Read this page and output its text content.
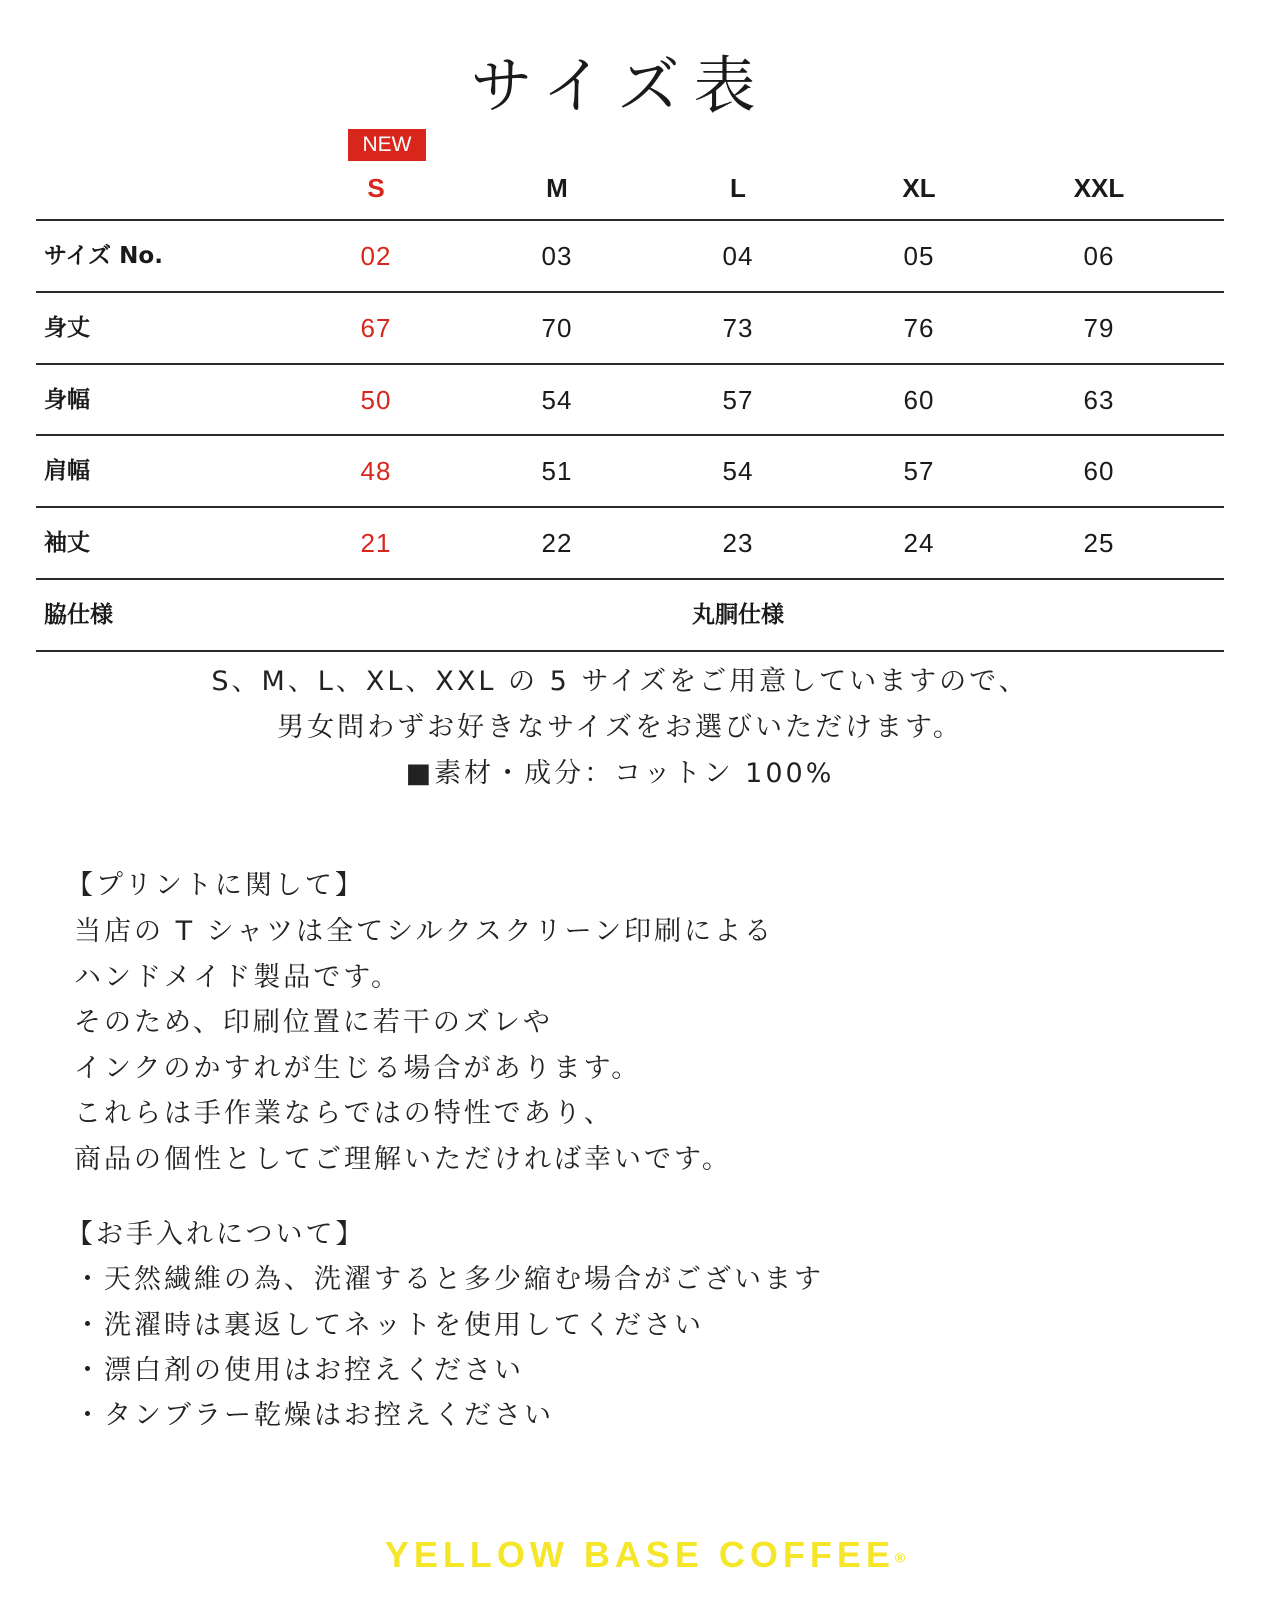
サイズ表
NEW
S	M	L	XL	XXL
サイズ No.	02	03	04	05	06
身丈	67	70	73	76	79
身幅	50	54	57	60	63
肩幅	48	51	54	57	60
袖丈	21	22	23	24	25
脇仕様	丸胴仕様
S、M、L、XL、XXL の 5 サイズをご用意していますので、
男女問わずお好きなサイズをお選びいただけます。
■素材・成分：コットン 100%
【プリントに関して】
当店の T シャツは全てシルクスクリーン印刷による
ハンドメイド製品です。
そのため、印刷位置に若干のズレや
インクのかすれが生じる場合があります。
これらは手作業ならではの特性であり、
商品の個性としてご理解いただければ幸いです。
【お手入れについて】
・天然繊維の為、洗濯すると多少縮む場合がございます
・洗濯時は裏返してネットを使用してください
・漂白剤の使用はお控えください
・タンブラー乾燥はお控えください
YELLOW BASE COFFEE®
